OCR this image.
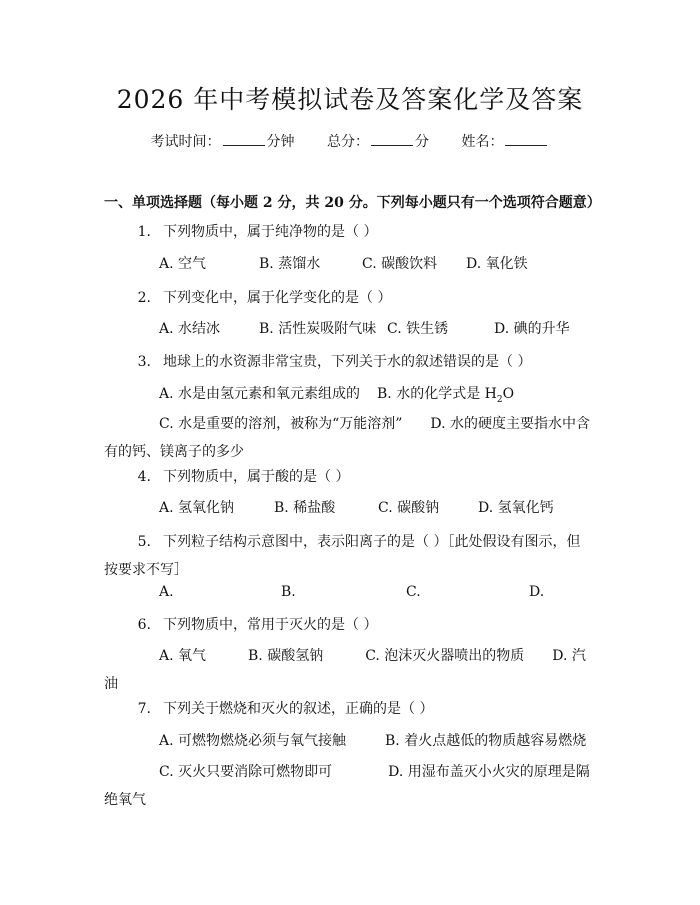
2026 年中考模拟试卷及答案化学及答案
考试时间：	分钟 总分：	分 姓名：
一、单项选择题（每小题 2 分，共 20 分。下列每小题只有一个选项符合题意）
1. 下列物质中，属于纯净物的是（ ）
A. 空气	B. 蒸馏水	C. 碳酸饮料 D. 氧化铁
2. 下列变化中，属于化学变化的是（ ）
A. 水结冰	B. 活性炭吸附气味 C. 铁生锈	D. 碘的升华
3. 地球上的水资源非常宝贵，下列关于水的叙述错误的是（ ）
A. 水是由氢元素和氧元素组成的 B. 水的化学式是 $H_2O$
C. 水是重要的溶剂，被称为“万能溶剂”　　D. 水的硬度主要指水中含有的钙、镁离子的多少
4. 下列物质中，属于酸的是（ ）
A. 氢氧化钠	B. 稀盐酸	C. 碳酸钠	D. 氢氧化钙
5. 下列粒子结构示意图中，表示阳离子的是（ ）［此处假设有图示，但按要求不写］
A.	B.	C.	D.
6. 下列物质中，常用于灭火的是（ ）
A. 氧气　　　B. 碳酸氢钠　　　C. 泡沫灭火器喷出的物质　　D. 汽油
7. 下列关于燃烧和灭火的叙述，正确的是（ ）
A. 可燃物燃烧必须与氧气接触	B. 着火点越低的物质越容易燃烧
C. 灭火只要消除可燃物即可　　　　D. 用湿布盖灭小火灾的原理是隔绝氧气
